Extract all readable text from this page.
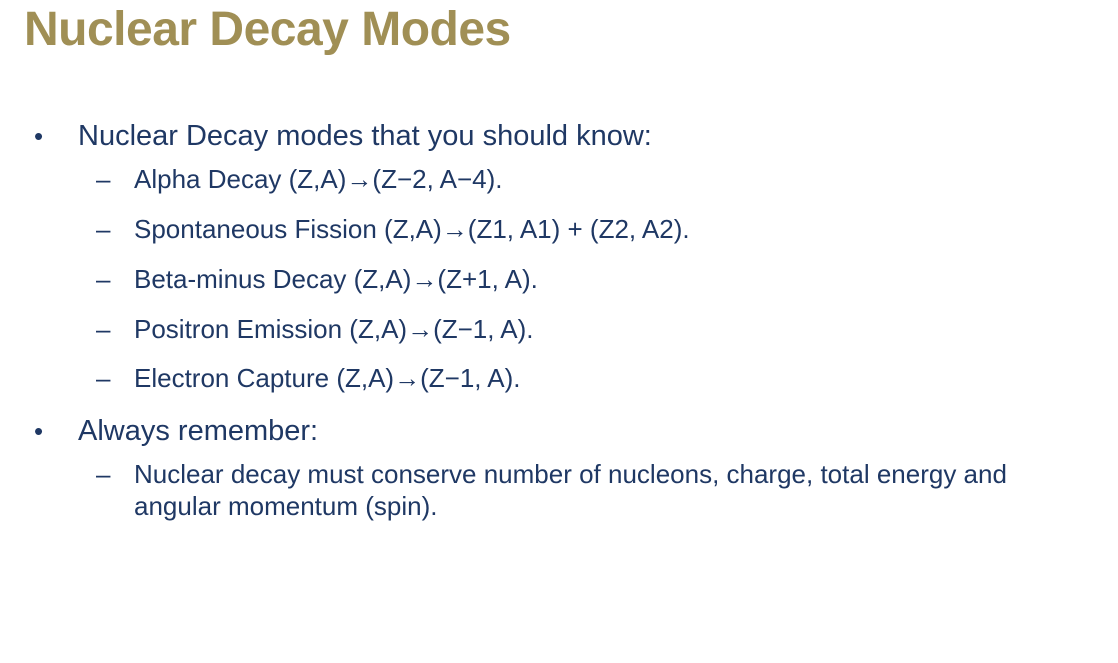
Nuclear Decay Modes
•	Nuclear Decay modes that you should know:
– Alpha Decay (Z,A)→(Z−2, A−4).
– Spontaneous Fission (Z,A)→(Z1, A1) + (Z2, A2).
– Beta-minus Decay (Z,A)→(Z+1, A).
– Positron Emission (Z,A)→(Z−1, A).
– Electron Capture (Z,A)→(Z−1, A).
•	Always remember:
– Nuclear decay must conserve number of nucleons, charge, total energy and angular momentum (spin).
